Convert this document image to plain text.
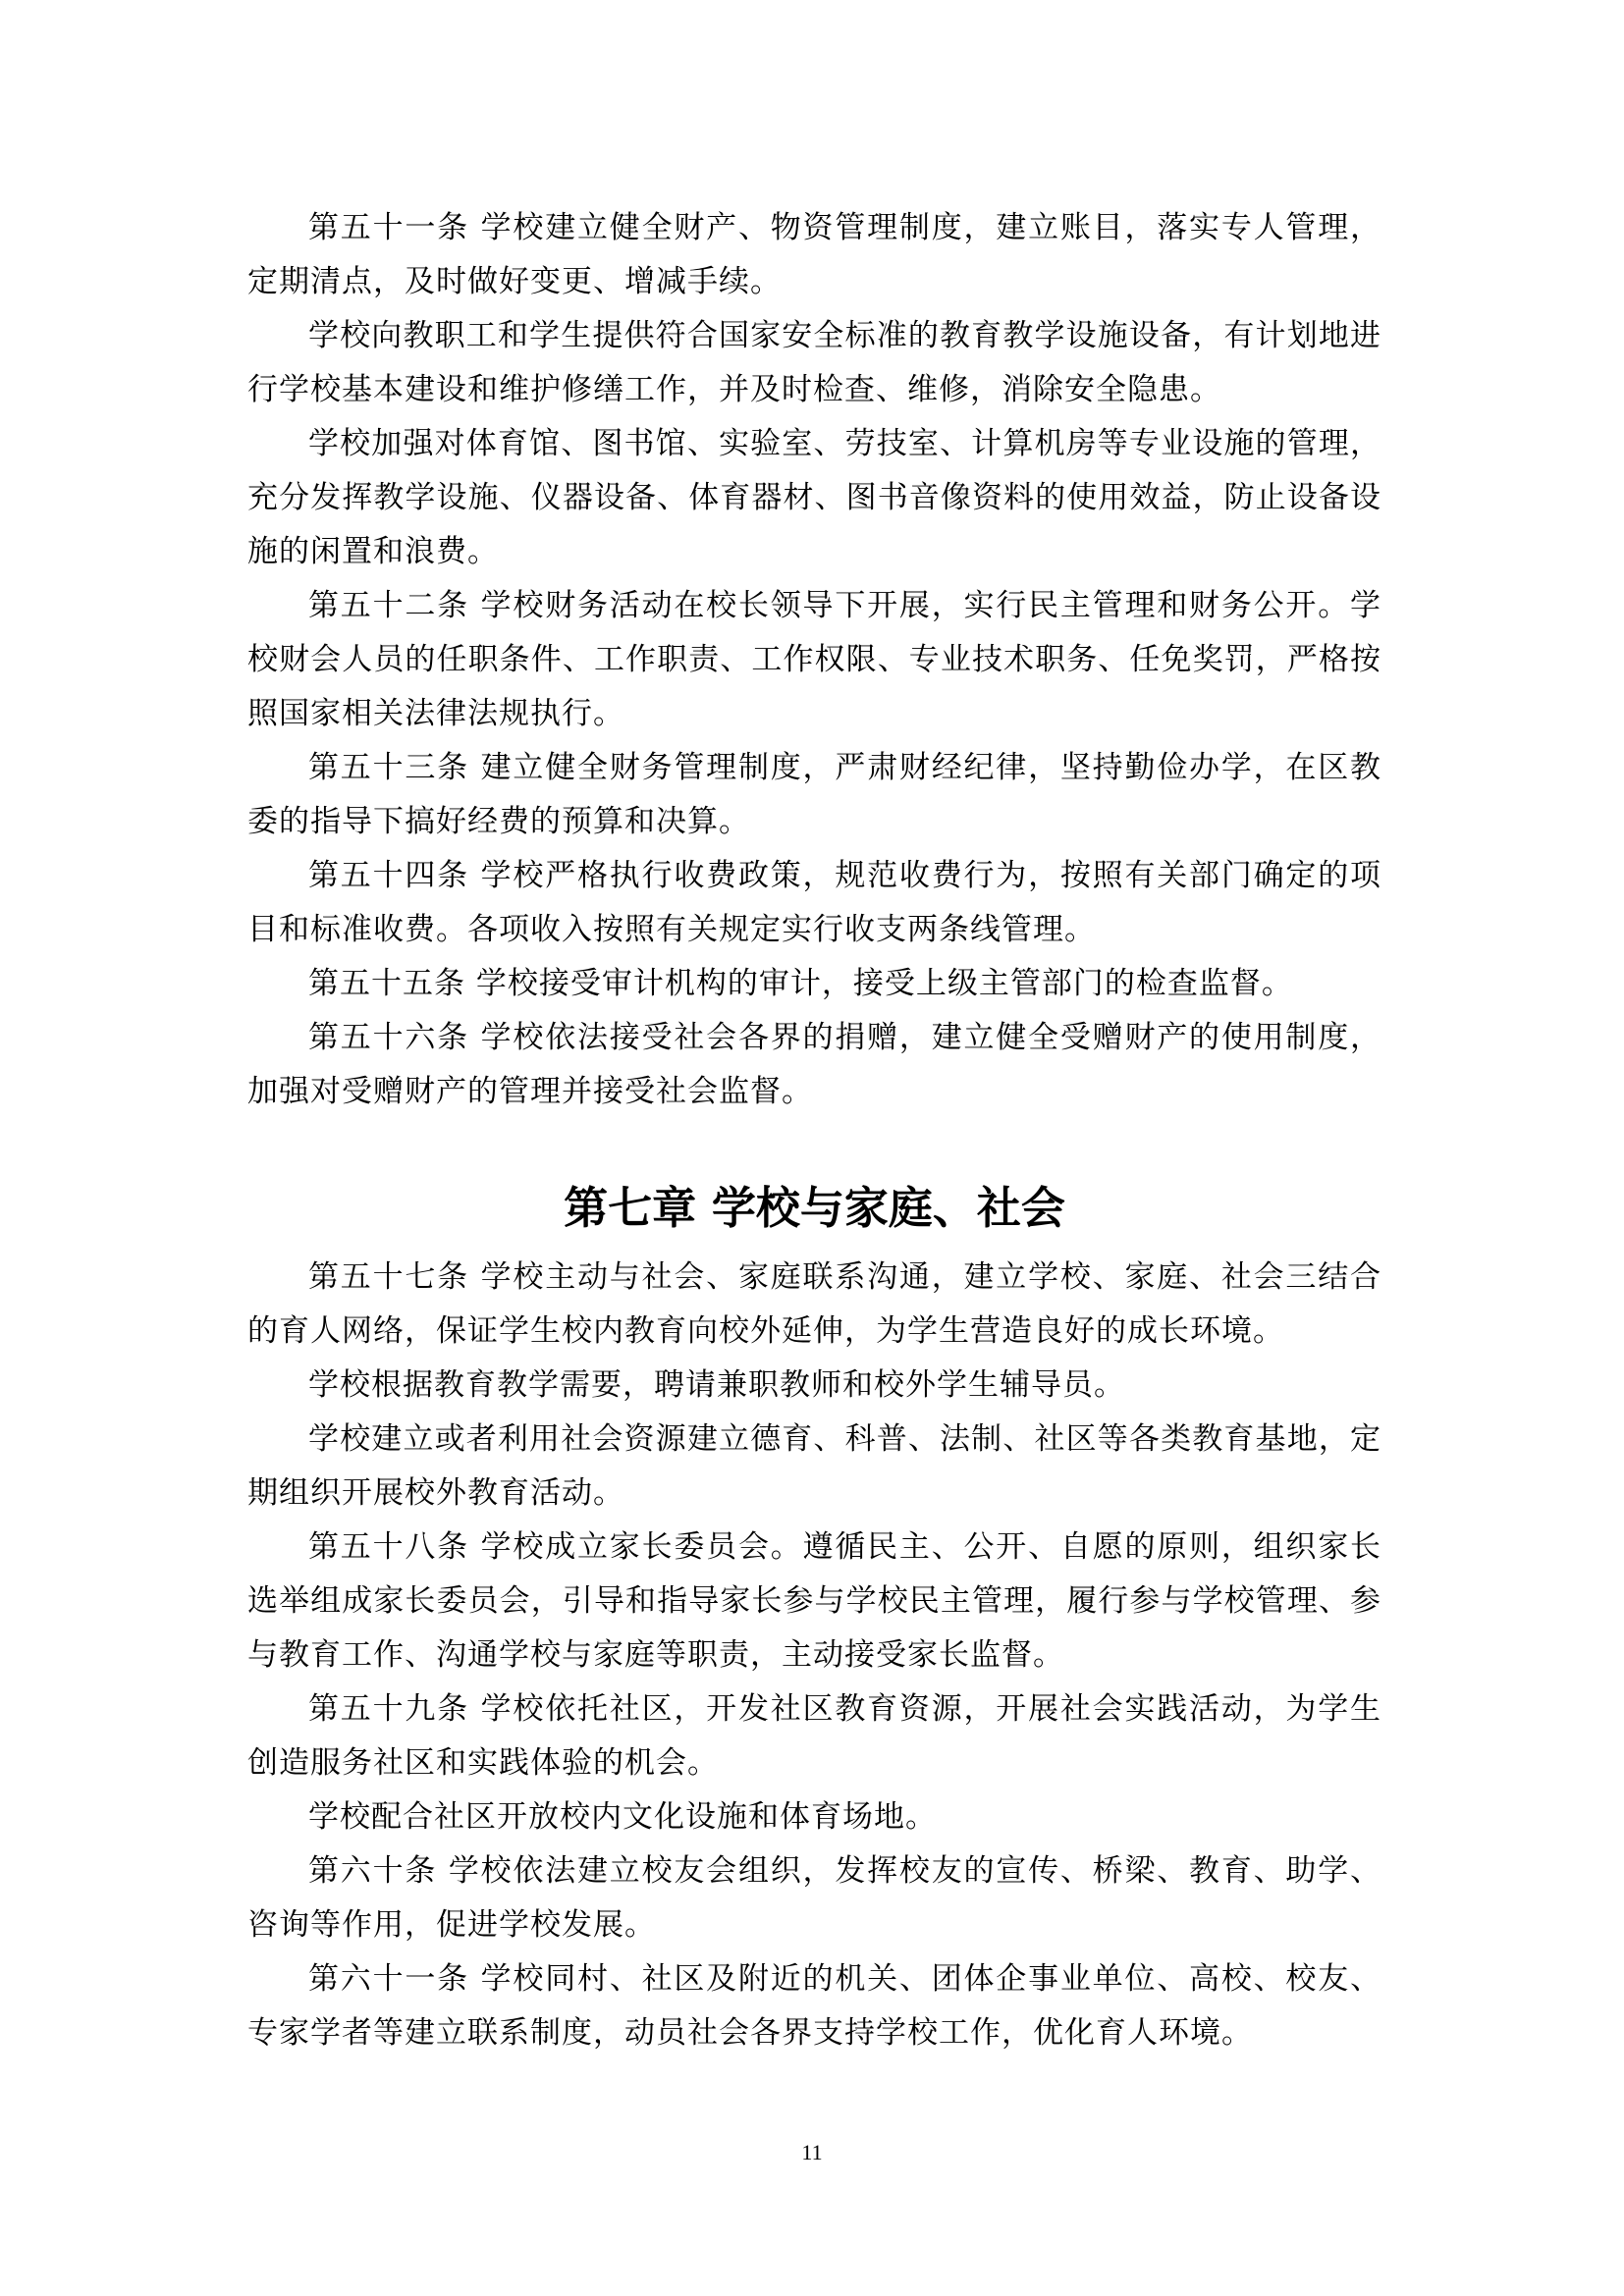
第五十一条 学校建立健全财产、物资管理制度，建立账目，落实专人管理，定期清点，及时做好变更、增减手续。

学校向教职工和学生提供符合国家安全标准的教育教学设施设备，有计划地进行学校基本建设和维护修缮工作，并及时检查、维修，消除安全隐患。

学校加强对体育馆、图书馆、实验室、劳技室、计算机房等专业设施的管理，充分发挥教学设施、仪器设备、体育器材、图书音像资料的使用效益，防止设备设施的闲置和浪费。

第五十二条 学校财务活动在校长领导下开展，实行民主管理和财务公开。学校财会人员的任职条件、工作职责、工作权限、专业技术职务、任免奖罚，严格按照国家相关法律法规执行。

第五十三条 建立健全财务管理制度，严肃财经纪律，坚持勤俭办学，在区教委的指导下搞好经费的预算和决算。

第五十四条 学校严格执行收费政策，规范收费行为，按照有关部门确定的项目和标准收费。各项收入按照有关规定实行收支两条线管理。

第五十五条 学校接受审计机构的审计，接受上级主管部门的检查监督。

第五十六条 学校依法接受社会各界的捐赠，建立健全受赠财产的使用制度，加强对受赠财产的管理并接受社会监督。

第七章 学校与家庭、社会

第五十七条 学校主动与社会、家庭联系沟通，建立学校、家庭、社会三结合的育人网络，保证学生校内教育向校外延伸，为学生营造良好的成长环境。

学校根据教育教学需要，聘请兼职教师和校外学生辅导员。

学校建立或者利用社会资源建立德育、科普、法制、社区等各类教育基地，定期组织开展校外教育活动。

第五十八条 学校成立家长委员会。遵循民主、公开、自愿的原则，组织家长选举组成家长委员会，引导和指导家长参与学校民主管理，履行参与学校管理、参与教育工作、沟通学校与家庭等职责，主动接受家长监督。

第五十九条 学校依托社区，开发社区教育资源，开展社会实践活动，为学生创造服务社区和实践体验的机会。

学校配合社区开放校内文化设施和体育场地。

第六十条 学校依法建立校友会组织，发挥校友的宣传、桥梁、教育、助学、咨询等作用，促进学校发展。

第六十一条 学校同村、社区及附近的机关、团体企事业单位、高校、校友、专家学者等建立联系制度，动员社会各界支持学校工作，优化育人环境。

11
